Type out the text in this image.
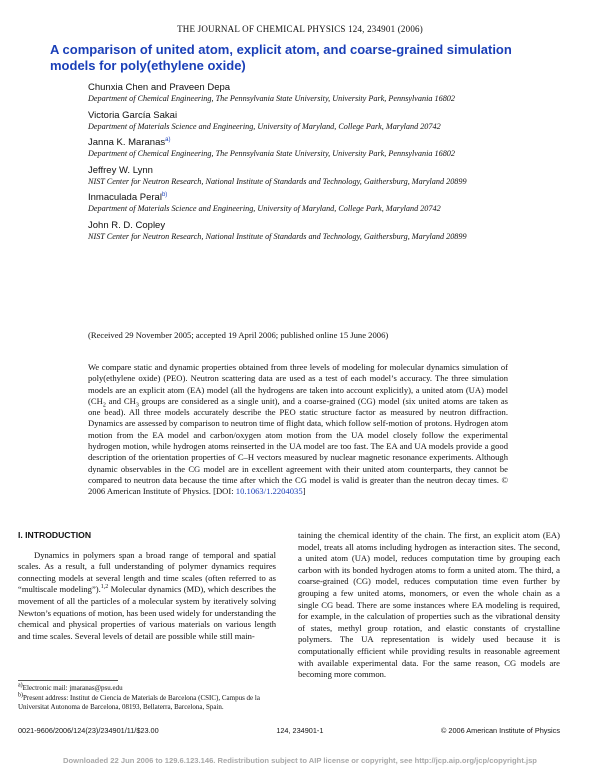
THE JOURNAL OF CHEMICAL PHYSICS 124, 234901 (2006)
A comparison of united atom, explicit atom, and coarse-grained simulation models for poly(ethylene oxide)
Chunxia Chen and Praveen Depa
Department of Chemical Engineering, The Pennsylvania State University, University Park, Pennsylvania 16802
Victoria García Sakai
Department of Materials Science and Engineering, University of Maryland, College Park, Maryland 20742
Janna K. Maranas$^{a)}$
Department of Chemical Engineering, The Pennsylvania State University, University Park, Pennsylvania 16802
Jeffrey W. Lynn
NIST Center for Neutron Research, National Institute of Standards and Technology, Gaithersburg, Maryland 20899
Inmaculada Peral$^{b)}$
Department of Materials Science and Engineering, University of Maryland, College Park, Maryland 20742
John R. D. Copley
NIST Center for Neutron Research, National Institute of Standards and Technology, Gaithersburg, Maryland 20899
(Received 29 November 2005; accepted 19 April 2006; published online 15 June 2006)
We compare static and dynamic properties obtained from three levels of modeling for molecular dynamics simulation of poly(ethylene oxide) (PEO). Neutron scattering data are used as a test of each model’s accuracy. The three simulation models are an explicit atom (EA) model (all the hydrogens are taken into account explicitly), a united atom (UA) model ($CH_2$ and $CH_3$ groups are considered as a single unit), and a coarse-grained (CG) model (six united atoms are taken as one bead). All three models accurately describe the PEO static structure factor as measured by neutron diffraction. Dynamics are assessed by comparison to neutron time of flight data, which follow self-motion of protons. Hydrogen atom motion from the EA model and carbon/oxygen atom motion from the UA model closely follow the experimental hydrogen motion, while hydrogen atoms reinserted in the UA model are too fast. The EA and UA models provide a good description of the orientation properties of C–H vectors measured by nuclear magnetic resonance experiments. Although dynamic observables in the CG model are in excellent agreement with their united atom counterparts, they cannot be compared to neutron data because the time after which the CG model is valid is greater than the neutron decay times. © 2006 American Institute of Physics. [DOI: 10.1063/1.2204035]
I. INTRODUCTION

Dynamics in polymers span a broad range of temporal and spatial scales. As a result, a full understanding of polymer dynamics requires connecting models at several length and time scales (often referred to as “multiscale modeling”).$^{1,2}$ Molecular dynamics (MD), which describes the movement of all the particles of a molecular system by iteratively solving Newton’s equations of motion, has been used widely for understanding the chemical and physical properties of various materials on various length and time scales. Several levels of detail are possible while still main-

taining the chemical identity of the chain. The first, an explicit atom (EA) model, treats all atoms including hydrogen as interaction sites. The second, a united atom (UA) model, reduces computation time by grouping each carbon with its bonded hydrogen atoms to form a united atom. The third, a coarse-grained (CG) model, reduces computation time even further by grouping a few united atoms, monomers, or even the whole chain as a single CG bead. There are some instances where EA modeling is required, for example, in the calculation of properties such as the vibrational density of states, methyl group rotation, and elastic constants of crystalline polymers. The UA representation is widely used because it is computationally efficient while providing results in reasonable agreement with available experimental data. For the same reason, CG models are becoming more common.

$^{a)}$Electronic mail: jmaranas@psu.edu
$^{b)}$Present address: Institut de Ciencia de Materials de Barcelona (CSIC), Campus de la Universitat Autonoma de Barcelona, 08193, Bellaterra, Barcelona, Spain.
0021-9606/2006/124(23)/234901/11/$23.00	124, 234901-1	© 2006 American Institute of Physics
Downloaded 22 Jun 2006 to 129.6.123.146. Redistribution subject to AIP license or copyright, see http://jcp.aip.org/jcp/copyright.jsp
